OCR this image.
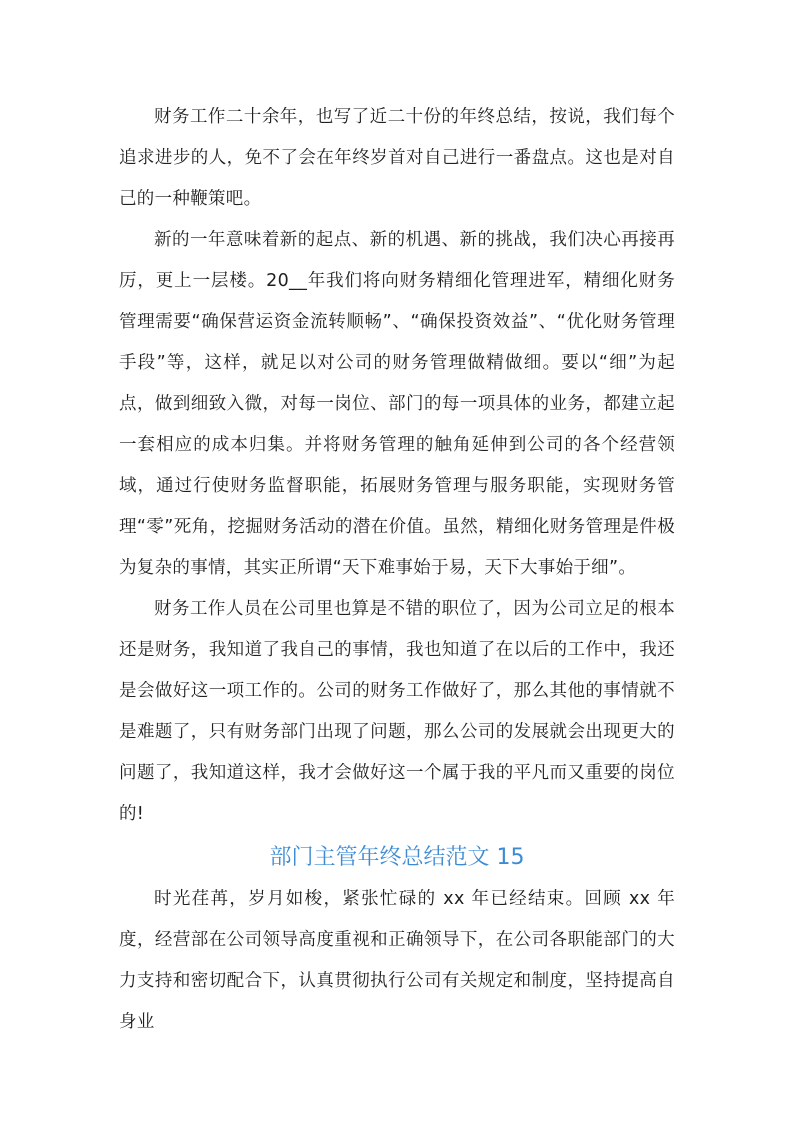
财务工作二十余年，也写了近二十份的年终总结，按说，我们每个追求进步的人，免不了会在年终岁首对自己进行一番盘点。这也是对自己的一种鞭策吧。

新的一年意味着新的起点、新的机遇、新的挑战，我们决心再接再厉，更上一层楼。20__年我们将向财务精细化管理进军，精细化财务管理需要“确保营运资金流转顺畅”、“确保投资效益”、“优化财务管理手段”等，这样，就足以对公司的财务管理做精做细。要以“细”为起点，做到细致入微，对每一岗位、部门的每一项具体的业务，都建立起一套相应的成本归集。并将财务管理的触角延伸到公司的各个经营领域，通过行使财务监督职能，拓展财务管理与服务职能，实现财务管理“零”死角，挖掘财务活动的潜在价值。虽然，精细化财务管理是件极为复杂的事情，其实正所谓“天下难事始于易，天下大事始于细”。

财务工作人员在公司里也算是不错的职位了，因为公司立足的根本还是财务，我知道了我自己的事情，我也知道了在以后的工作中，我还是会做好这一项工作的。公司的财务工作做好了，那么其他的事情就不是难题了，只有财务部门出现了问题，那么公司的发展就会出现更大的问题了，我知道这样，我才会做好这一个属于我的平凡而又重要的岗位的!

部门主管年终总结范文 15

时光荏苒，岁月如梭，紧张忙碌的 xx 年已经结束。回顾 xx 年度，经营部在公司领导高度重视和正确领导下，在公司各职能部门的大力支持和密切配合下，认真贯彻执行公司有关规定和制度，坚持提高自身业
